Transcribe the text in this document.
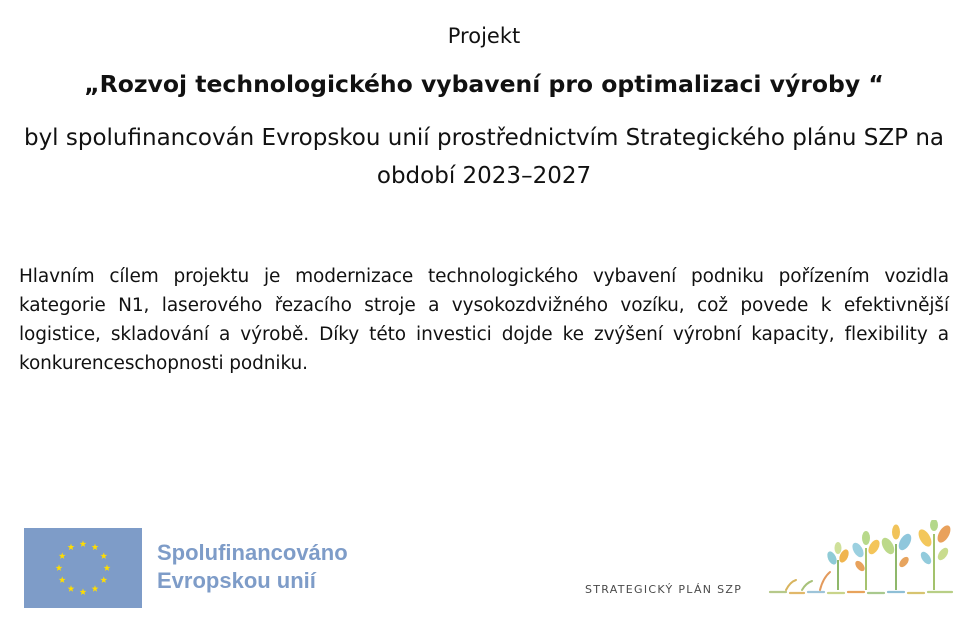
Projekt
„Rozvoj technologického vybavení pro optimalizaci výroby “
byl spolufinancován Evropskou unií prostřednictvím Strategického plánu SZP na období 2023–2027
Hlavním cílem projektu je modernizace technologického vybavení podniku pořízením vozidla kategorie N1, laserového řezacího stroje a vysokozdvižného vozíku, což povede k efektivnější logistice, skladování a výrobě. Díky této investici dojde ke zvýšení výrobní kapacity, flexibility a konkurenceschopnosti podniku.
Spolufinancováno
Evropskou unií	STRATEGICKÝ PLÁN SZP
